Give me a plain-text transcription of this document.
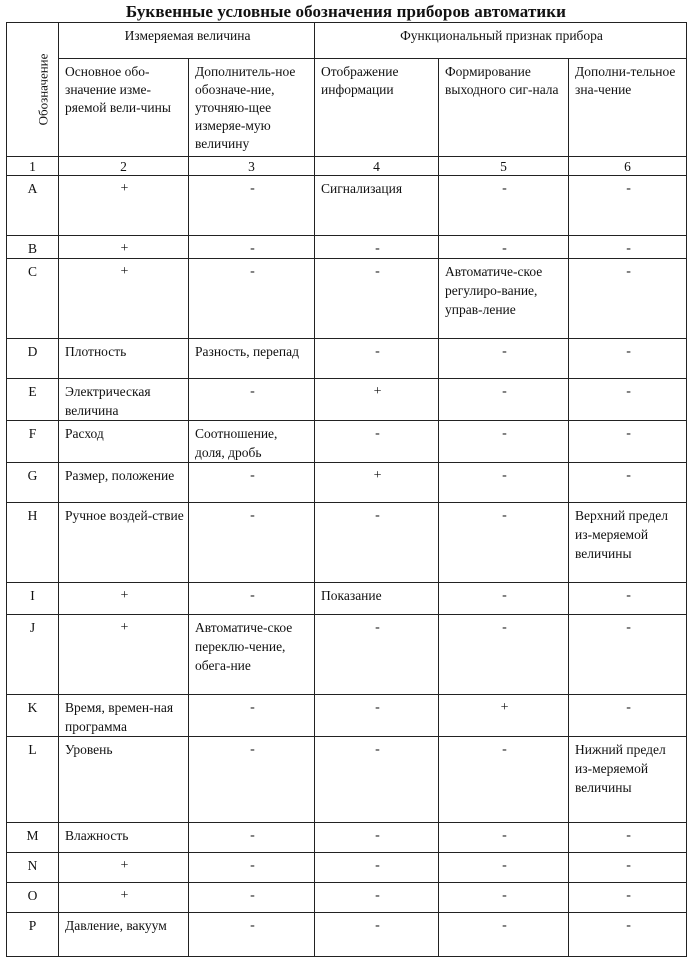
Буквенные условные обозначения приборов автоматики
Обозначение	Измеряемая величина		Функциональный признак прибора		
	Основное обо-значение изме-ряемой вели-чины	Дополнитель-ное обозначе-ние, уточняю-щее измеряе-мую величину	Отображение информации	Формирование выходного сиг-нала	Дополни-тельное зна-чение
1	2	3	4	5	6
A	+	-	Сигнализация	-	-
B	+	-	-	-	-
C	+	-	-	Автоматиче-ское регулиро-вание, управ-ление	-
D	Плотность	Разность, перепад	-	-	-
E	Электрическая величина	-	+	-	-
F	Расход	Соотношение, доля, дробь	-	-	-
G	Размер, положение	-	+	-	-
H	Ручное воздей-ствие	-	-	-	Верхний предел из-меряемой величины
I	+	-	Показание	-	-
J	+	Автоматиче-ское переклю-чение, обега-ние	-	-	-
K	Время, времен-ная программа	-	-	+	-
L	Уровень	-	-	-	Нижний предел из-меряемой величины
M	Влажность	-	-	-	-
N	+	-	-	-	-
O	+	-	-	-	-
P	Давление, вакуум	-	-	-	-
